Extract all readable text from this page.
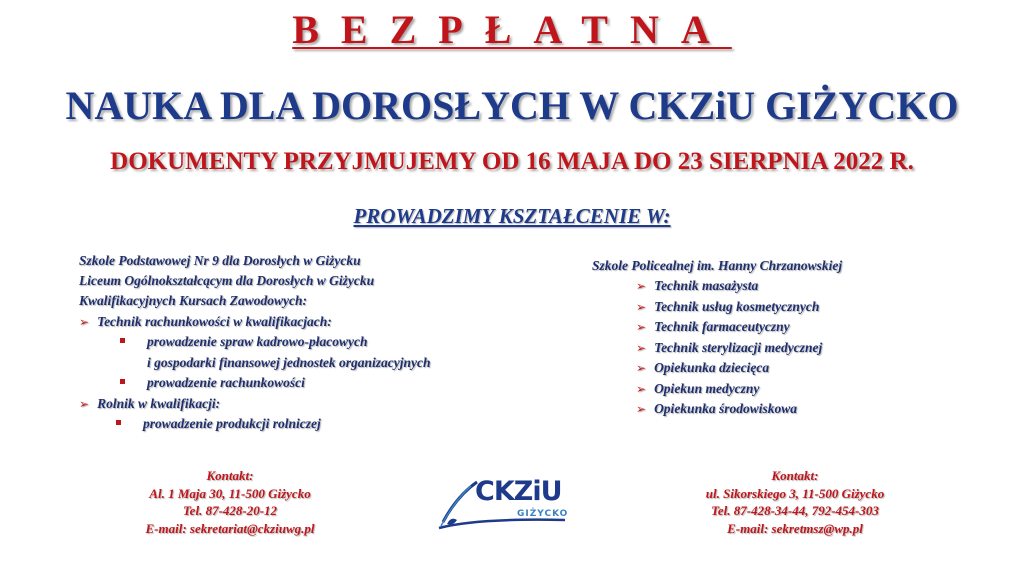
BEZPŁATNA
NAUKA DLA DOROSŁYCH W CKZiU GIŻYCKO
DOKUMENTY PRZYJMUJEMY OD 16 MAJA DO 23 SIERPNIA 2022 R.
PROWADZIMY KSZTAŁCENIE W:
Szkole Podstawowej Nr 9 dla Dorosłych w Giżycku
Liceum Ogólnokształcącym dla Dorosłych w Giżycku
Kwalifikacyjnych Kursach Zawodowych:
➢ Technik rachunkowości w kwalifikacjach:
prowadzenie spraw kadrowo-płacowych
i gospodarki finansowej jednostek organizacyjnych
prowadzenie rachunkowości
➢ Rolnik w kwalifikacji:
prowadzenie produkcji rolniczej
Szkole Policealnej im. Hanny Chrzanowskiej
➢ Technik masażysta
➢ Technik usług kosmetycznych
➢ Technik farmaceutyczny
➢ Technik sterylizacji medycznej
➢ Opiekunka dziecięca
➢ Opiekun medyczny
➢ Opiekunka środowiskowa
Kontakt:
Al. 1 Maja 30, 11-500 Giżycko
Tel. 87-428-20-12
E-mail: sekretariat@ckziuwg.pl
Kontakt:
ul. Sikorskiego 3, 11-500 Giżycko
Tel. 87-428-34-44, 792-454-303
E-mail: sekretmsz@wp.pl
CKZiU
GIŻYCKO
